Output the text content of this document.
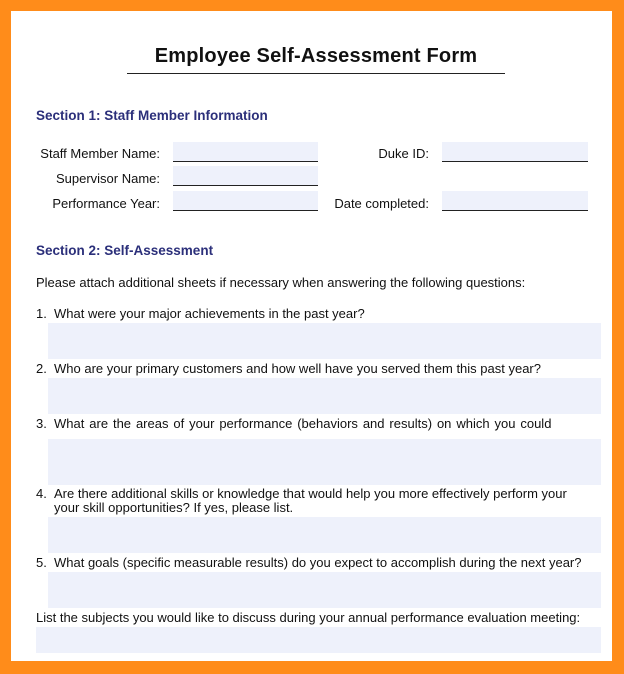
Employee Self-Assessment Form
Section 1: Staff Member Information
Staff Member Name:	Duke ID:
Supervisor Name:
Performance Year:	Date completed:
Section 2: Self-Assessment
Please attach additional sheets if necessary when answering the following questions:
1. What were your major achievements in the past year?
2. Who are your primary customers and how well have you served them this past year?
3. What are the areas of your performance (behaviors and results) on which you could
4. Are there additional skills or knowledge that would help you more effectively perform your
your skill opportunities? If yes, please list.
5. What goals (specific measurable results) do you expect to accomplish during the next year?
List the subjects you would like to discuss during your annual performance evaluation meeting:
